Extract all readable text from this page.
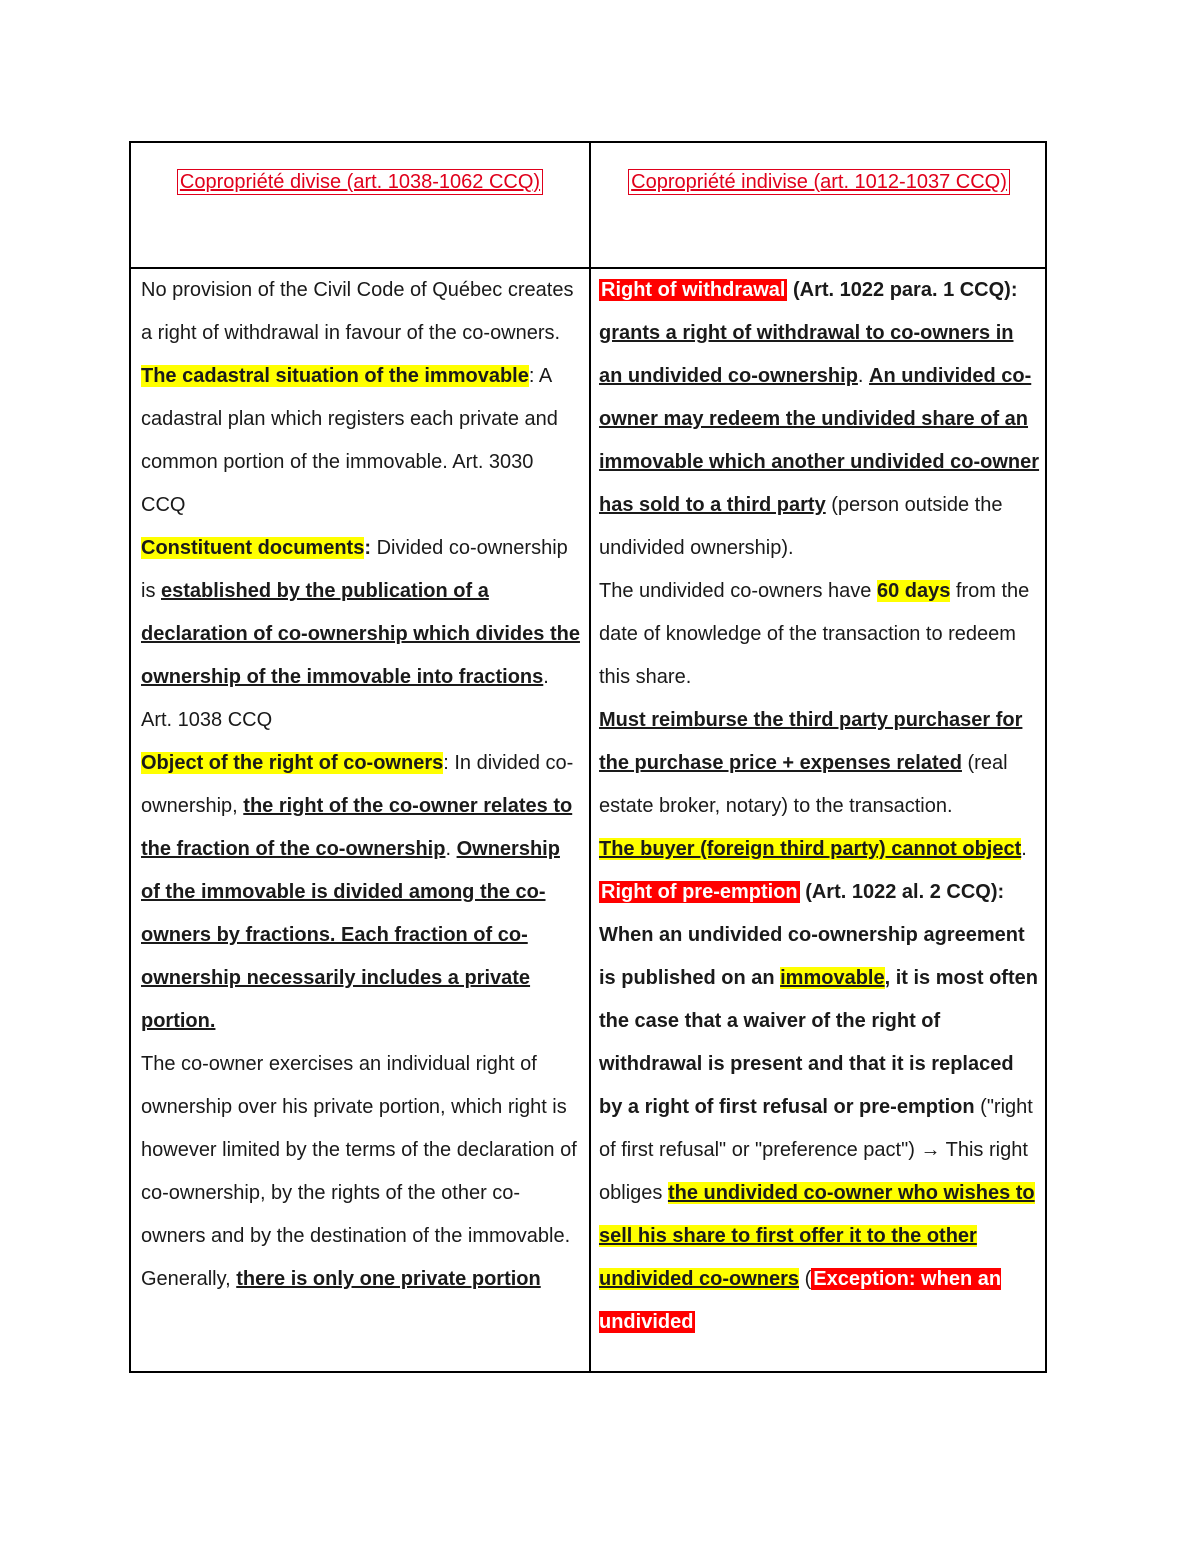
Copropriété divise (art. 1038-1062 CCQ)	Copropriété indivise (art. 1012-1037 CCQ)

No provision of the Civil Code of Québec creates a right of withdrawal in favour of the co-owners.

The cadastral situation of the immovable: A cadastral plan which registers each private and common portion of the immovable. Art. 3030 CCQ

Constituent documents: Divided co-ownership is established by the publication of a declaration of co-ownership which divides the ownership of the immovable into fractions. Art. 1038 CCQ

Object of the right of co-owners: In divided co-ownership, the right of the co-owner relates to the fraction of the co-ownership. Ownership of the immovable is divided among the co-owners by fractions. Each fraction of co-ownership necessarily includes a private portion.

The co-owner exercises an individual right of ownership over his private portion, which right is however limited by the terms of the declaration of co-ownership, by the rights of the other co-owners and by the destination of the immovable.

Generally, there is only one private portion

Right of withdrawal (Art. 1022 para. 1 CCQ): grants a right of withdrawal to co-owners in an undivided co-ownership. An undivided co-owner may redeem the undivided share of an immovable which another undivided co-owner has sold to a third party (person outside the undivided ownership).

The undivided co-owners have 60 days from the date of knowledge of the transaction to redeem this share.

Must reimburse the third party purchaser for the purchase price + expenses related (real estate broker, notary) to the transaction.

The buyer (foreign third party) cannot object.

Right of pre-emption (Art. 1022 al. 2 CCQ): When an undivided co-ownership agreement is published on an immovable, it is most often the case that a waiver of the right of withdrawal is present and that it is replaced by a right of first refusal or pre-emption ("right of first refusal" or "preference pact") → This right obliges the undivided co-owner who wishes to sell his share to first offer it to the other undivided co-owners ( Exception: when an undivided
